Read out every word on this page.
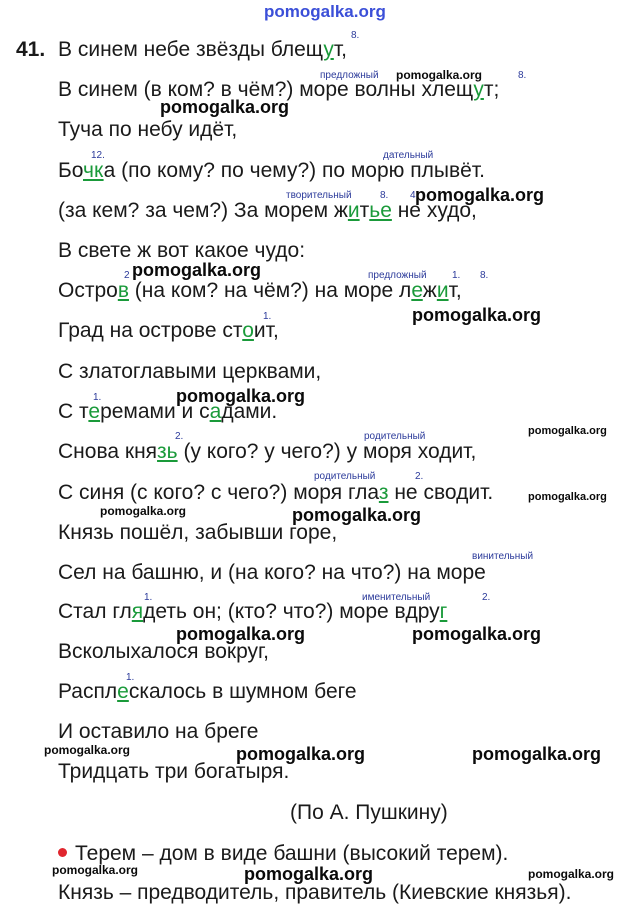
pomogalka.org
41. В синем небе звёзды блещут,
В синем (в ком? в чём?) море волны хлещут;
Туча по небу идёт,
Бочка (по кому? по чему?) по морю плывёт.
(за кем? за чем?) За морем житье не худо,
В свете ж вот какое чудо:
Остров (на ком? на чём?) на море лежит,
Град на острове стоит,
С златоглавыми церквами,
С теремами и садами.
Снова князь (у кого? у чего?) у моря ходит,
С синя (с кого? с чего?) моря глаз не сводит.
Князь пошёл, забывши горе,
Сел на башню, и (на кого? на что?) на море
Стал глядеть он; (кто? что?) море вдруг
Всколыхалося вокруг,
Расплескалось в шумном беге
И оставило на бреге
Тридцать три богатыря.
(По А. Пушкину)
Терем – дом в виде башни (высокий терем).
Князь – предводитель, правитель (Киевские князья).
8.
предложный	8.
12.	дательный
творительный	8. 4
2	предложный	1. 8.
1.
1.
2.	родительный
родительный	2.
винительный
1.	именительный	2.
1.
pomogalka.org
pomogalka.org
pomogalka.org
pomogalka.org
pomogalka.org
pomogalka.org
pomogalka.org
pomogalka.org
pomogalka.org	pomogalka.org
pomogalka.org	pomogalka.org
pomogalka.org	pomogalka.org	pomogalka.org
pomogalka.org	pomogalka.org	pomogalka.org
